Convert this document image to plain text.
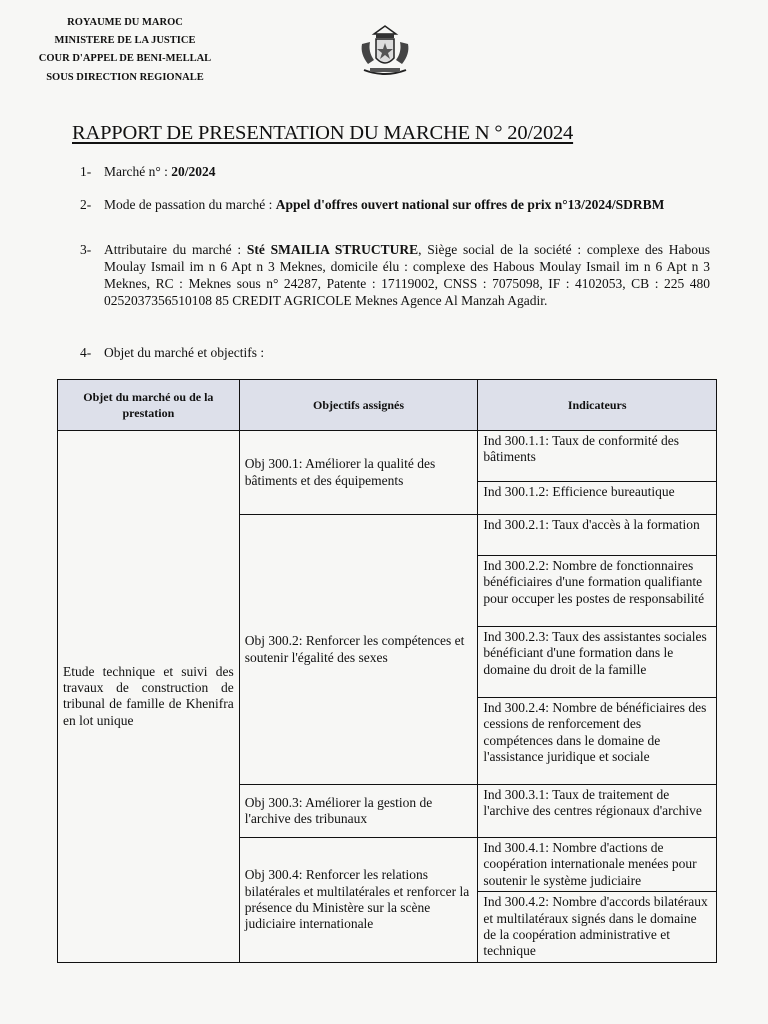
ROYAUME DU MAROC
MINISTERE DE LA JUSTICE
COUR D'APPEL DE BENI-MELLAL
SOUS DIRECTION REGIONALE
RAPPORT DE PRESENTATION DU MARCHE N ° 20/2024
1- Marché n° : 20/2024
2- Mode de passation du marché : Appel d'offres ouvert national sur offres de prix n°13/2024/SDRBM
3- Attributaire du marché : Sté SMAILIA STRUCTURE, Siège social de la société : complexe des Habous Moulay Ismail im n 6 Apt n 3 Meknes, domicile élu : complexe des Habous Moulay Ismail im n 6 Apt n 3 Meknes, RC : Meknes sous n° 24287, Patente : 17119002, CNSS : 7075098, IF : 4102053, CB : 225 480 0252037356510108 85 CREDIT AGRICOLE Meknes Agence Al Manzah Agadir.
4- Objet du marché et objectifs :
Objet du marché ou de la prestation	Objectifs assignés	Indicateurs
Etude technique et suivi des travaux de construction de tribunal de famille de Khenifra en lot unique	Obj 300.1: Améliorer la qualité des bâtiments et des équipements	Ind 300.1.1: Taux de conformité des bâtiments
		Ind 300.1.2: Efficience bureautique
	Obj 300.2: Renforcer les compétences et soutenir l'égalité des sexes	Ind 300.2.1: Taux d'accès à la formation
		Ind 300.2.2: Nombre de fonctionnaires bénéficiaires d'une formation qualifiante pour occuper les postes de responsabilité
		Ind 300.2.3: Taux des assistantes sociales bénéficiant d'une formation dans le domaine du droit de la famille
		Ind 300.2.4: Nombre de bénéficiaires des cessions de renforcement des compétences dans le domaine de l'assistance juridique et sociale
	Obj 300.3: Améliorer la gestion de l'archive des tribunaux	Ind 300.3.1: Taux de traitement de l'archive des centres régionaux d'archive
	Obj 300.4: Renforcer les relations bilatérales et multilatérales et renforcer la présence du Ministère sur la scène judiciaire internationale	Ind 300.4.1: Nombre d'actions de coopération internationale menées pour soutenir le système judiciaire
		Ind 300.4.2: Nombre d'accords bilatéraux et multilatéraux signés dans le domaine de la coopération administrative et technique
